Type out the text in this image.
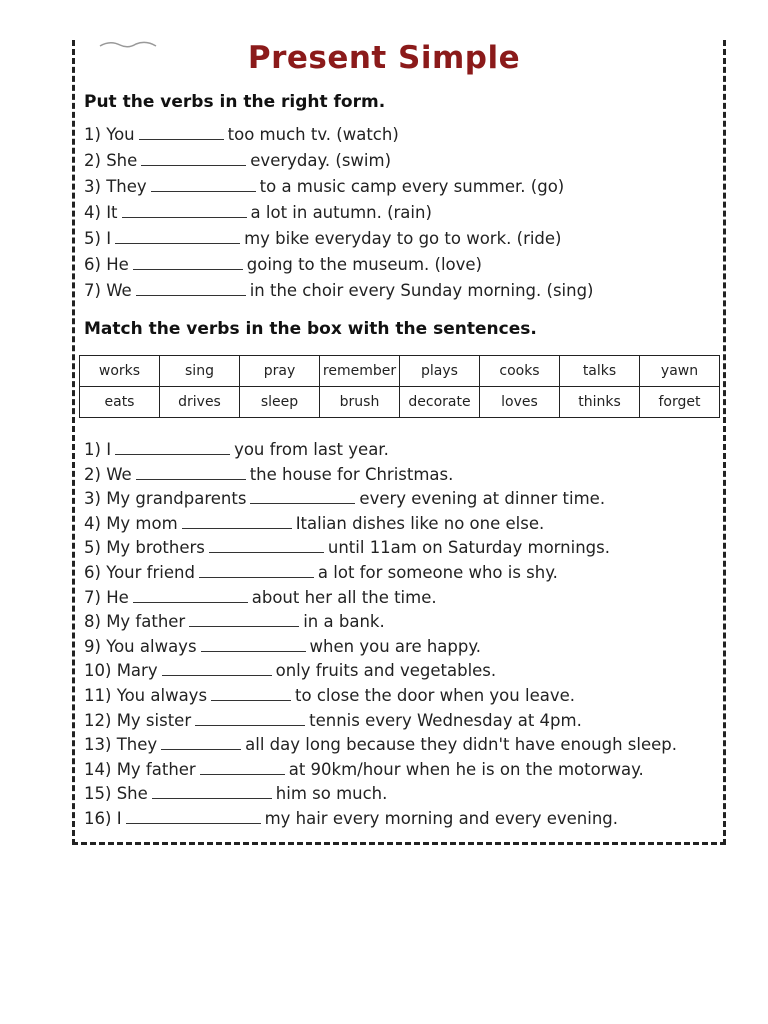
Present Simple
Put the verbs in the right form.
1) You	too much tv. (watch)
2) She	everyday. (swim)
3) They	to a music camp every summer. (go)
4) It	a lot in autumn. (rain)
5) I	my bike everyday to go to work. (ride)
6) He	going to the museum. (love)
7) We	in the choir every Sunday morning. (sing)
Match the verbs in the box with the sentences.
works	sing	pray	remember	plays	cooks	talks	yawn
eats	drives	sleep	brush	decorate	loves	thinks	forget
1) I	you from last year.
2) We	the house for Christmas.
3) My grandparents	every evening at dinner time.
4) My mom	Italian dishes like no one else.
5) My brothers	until 11am on Saturday mornings.
6) Your friend	a lot for someone who is shy.
7) He	about her all the time.
8) My father	in a bank.
9) You always	when you are happy.
10) Mary	only fruits and vegetables.
11) You always	to close the door when you leave.
12) My sister	tennis every Wednesday at 4pm.
13) They	all day long because they didn't have enough sleep.
14) My father	at 90km/hour when he is on the motorway.
15) She	him so much.
16) I	my hair every morning and every evening.
